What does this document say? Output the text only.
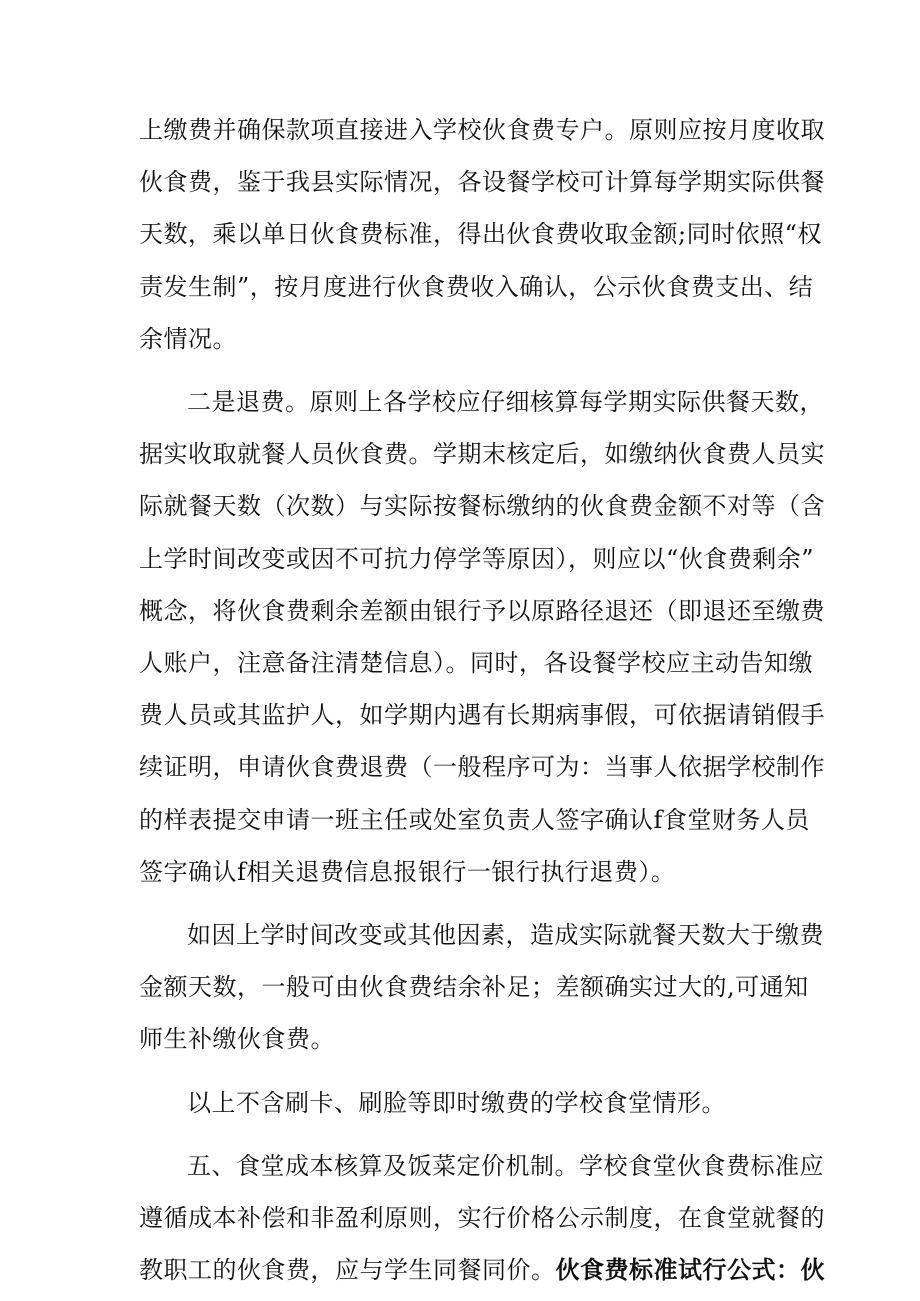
上缴费并确保款项直接进入学校伙食费专户。原则应按月度收取
伙食费，鉴于我县实际情况，各设餐学校可计算每学期实际供餐
天数，乘以单日伙食费标准，得出伙食费收取金额;同时依照“权
责发生制”，按月度进行伙食费收入确认，公示伙食费支出、结
余情况。
二是退费。原则上各学校应仔细核算每学期实际供餐天数，
据实收取就餐人员伙食费。学期末核定后，如缴纳伙食费人员实
际就餐天数（次数）与实际按餐标缴纳的伙食费金额不对等（含
上学时间改变或因不可抗力停学等原因），则应以“伙食费剩余”
概念，将伙食费剩余差额由银行予以原路径退还（即退还至缴费
人账户，注意备注清楚信息）。同时，各设餐学校应主动告知缴
费人员或其监护人，如学期内遇有长期病事假，可依据请销假手
续证明，申请伙食费退费（一般程序可为：当事人依据学校制作
的样表提交申请一班主任或处室负责人签字确认f食堂财务人员
签字确认f相关退费信息报银行一银行执行退费）。
如因上学时间改变或其他因素，造成实际就餐天数大于缴费
金额天数，一般可由伙食费结余补足；差额确实过大的,可通知
师生补缴伙食费。
以上不含刷卡、刷脸等即时缴费的学校食堂情形。
五、食堂成本核算及饭菜定价机制。学校食堂伙食费标准应
遵循成本补偿和非盈利原则，实行价格公示制度，在食堂就餐的
教职工的伙食费，应与学生同餐同价。伙食费标准试行公式：伙
